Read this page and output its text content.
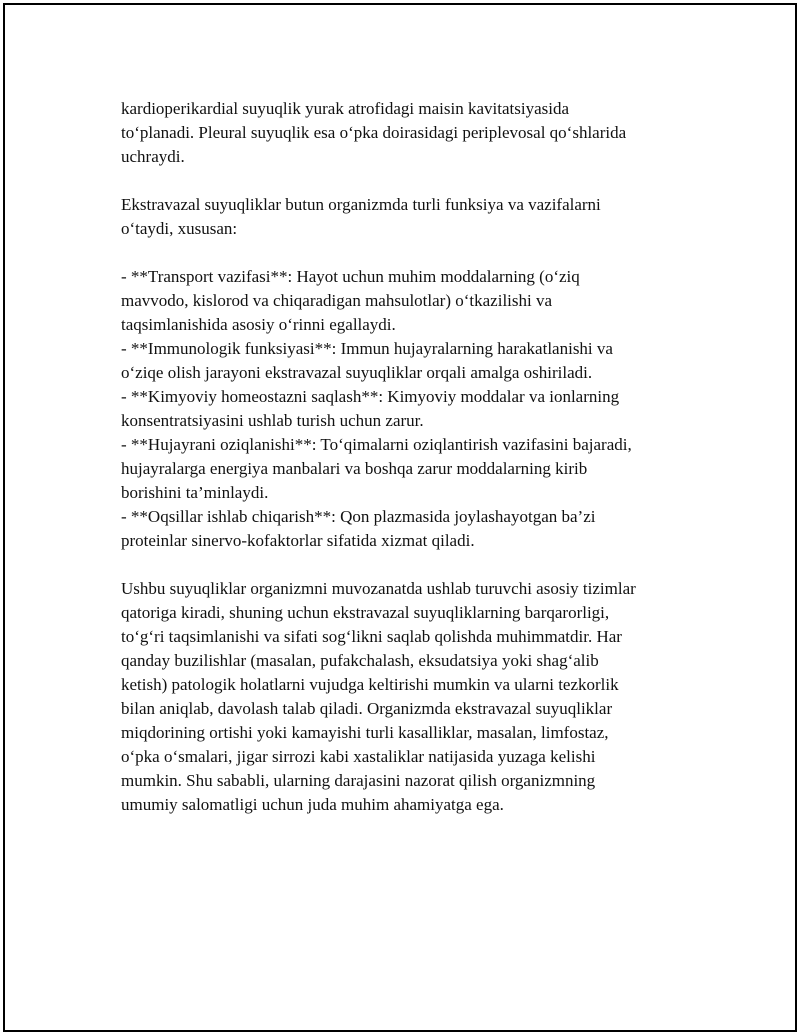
kardioperikardial suyuqlik yurak atrofidagi maisin kavitatsiyasida
to‘planadi. Pleural suyuqlik esa o‘pka doirasidagi periplevosal qo‘shlarida
uchraydi.
Ekstravazal suyuqliklar butun organizmda turli funksiya va vazifalarni
o‘taydi, xususan:
- **Transport vazifasi**: Hayot uchun muhim moddalarning (o‘ziq
mavvodo, kislorod va chiqaradigan mahsulotlar) o‘tkazilishi va
taqsimlanishida asosiy o‘rinni egallaydi.
- **Immunologik funksiyasi**: Immun hujayralarning harakatlanishi va
o‘ziqe olish jarayoni ekstravazal suyuqliklar orqali amalga oshiriladi.
- **Kimyoviy homeostazni saqlash**: Kimyoviy moddalar va ionlarning
konsentratsiyasini ushlab turish uchun zarur.
- **Hujayrani oziqlanishi**: To‘qimalarni oziqlantirish vazifasini bajaradi,
hujayralarga energiya manbalari va boshqa zarur moddalarning kirib
borishini ta’minlaydi.
- **Oqsillar ishlab chiqarish**: Qon plazmasida joylashayotgan ba’zi
proteinlar sinervo-kofaktorlar sifatida xizmat qiladi.
Ushbu suyuqliklar organizmni muvozanatda ushlab turuvchi asosiy tizimlar
qatoriga kiradi, shuning uchun ekstravazal suyuqliklarning barqarorligi,
to‘g‘ri taqsimlanishi va sifati sog‘likni saqlab qolishda muhimmatdir. Har
qanday buzilishlar (masalan, pufakchalash, eksudatsiya yoki shag‘alib
ketish) patologik holatlarni vujudga keltirishi mumkin va ularni tezkorlik
bilan aniqlab, davolash talab qiladi. Organizmda ekstravazal suyuqliklar
miqdorining ortishi yoki kamayishi turli kasalliklar, masalan, limfostaz,
o‘pka o‘smalari, jigar sirrozi kabi xastaliklar natijasida yuzaga kelishi
mumkin. Shu sababli, ularning darajasini nazorat qilish organizmning
umumiy salomatligi uchun juda muhim ahamiyatga ega.
